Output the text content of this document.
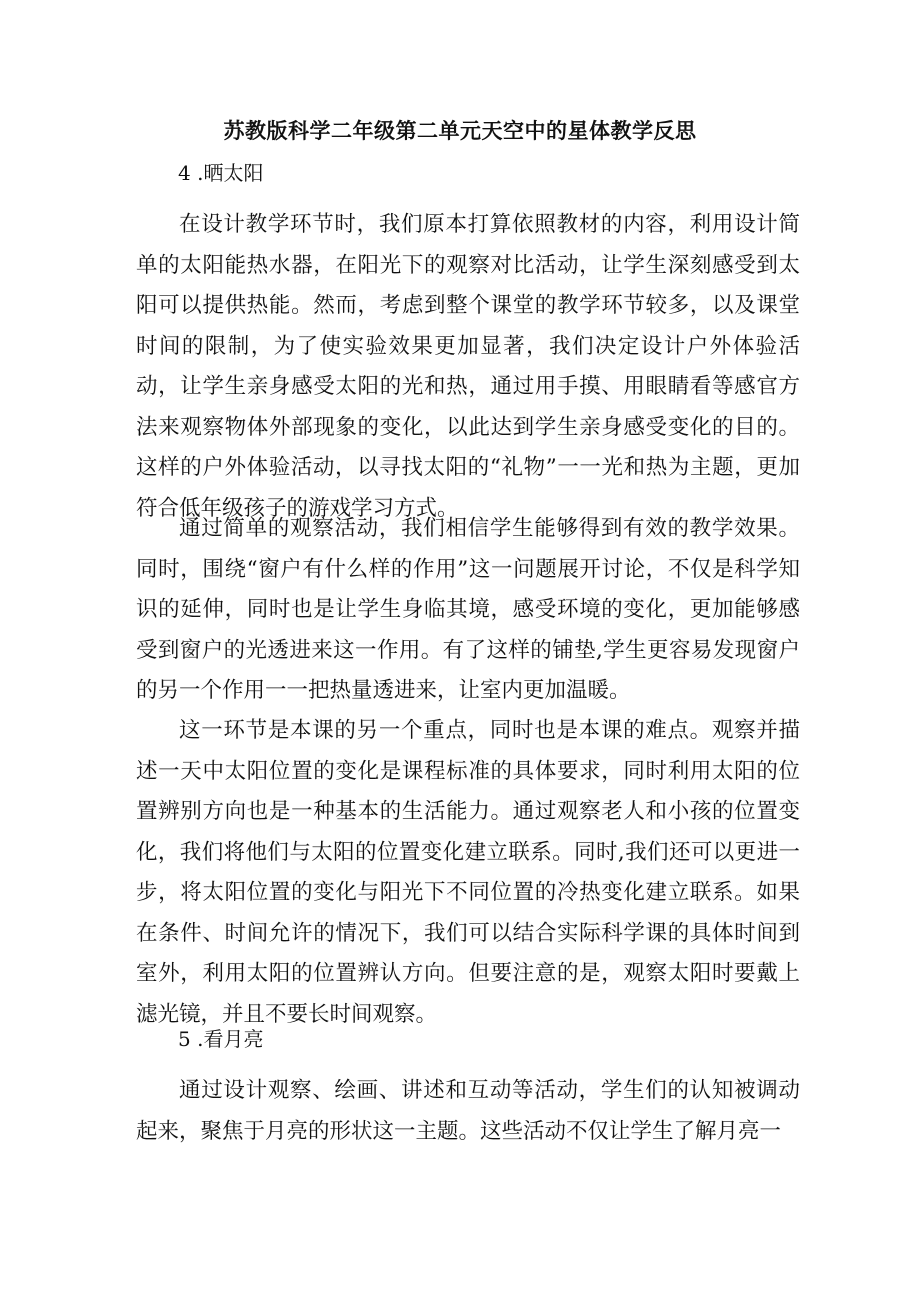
苏教版科学二年级第二单元天空中的星体教学反思

4 .晒太阳

在设计教学环节时，我们原本打算依照教材的内容，利用设计简单的太阳能热水器，在阳光下的观察对比活动，让学生深刻感受到太阳可以提供热能。然而，考虑到整个课堂的教学环节较多，以及课堂时间的限制，为了使实验效果更加显著，我们决定设计户外体验活动，让学生亲身感受太阳的光和热，通过用手摸、用眼睛看等感官方法来观察物体外部现象的变化，以此达到学生亲身感受变化的目的。这样的户外体验活动，以寻找太阳的“礼物”一一光和热为主题，更加符合低年级孩子的游戏学习方式。

通过简单的观察活动，我们相信学生能够得到有效的教学效果。同时，围绕“窗户有什么样的作用”这一问题展开讨论，不仅是科学知识的延伸，同时也是让学生身临其境，感受环境的变化，更加能够感受到窗户的光透进来这一作用。有了这样的铺垫,学生更容易发现窗户的另一个作用一一把热量透进来，让室内更加温暖。

这一环节是本课的另一个重点，同时也是本课的难点。观察并描述一天中太阳位置的变化是课程标准的具体要求，同时利用太阳的位置辨别方向也是一种基本的生活能力。通过观察老人和小孩的位置变化，我们将他们与太阳的位置变化建立联系。同时,我们还可以更进一步，将太阳位置的变化与阳光下不同位置的冷热变化建立联系。如果在条件、时间允许的情况下，我们可以结合实际科学课的具体时间到室外，利用太阳的位置辨认方向。但要注意的是，观察太阳时要戴上滤光镜，并且不要长时间观察。

5 .看月亮

通过设计观察、绘画、讲述和互动等活动，学生们的认知被调动起来，聚焦于月亮的形状这一主题。这些活动不仅让学生了解月亮一
